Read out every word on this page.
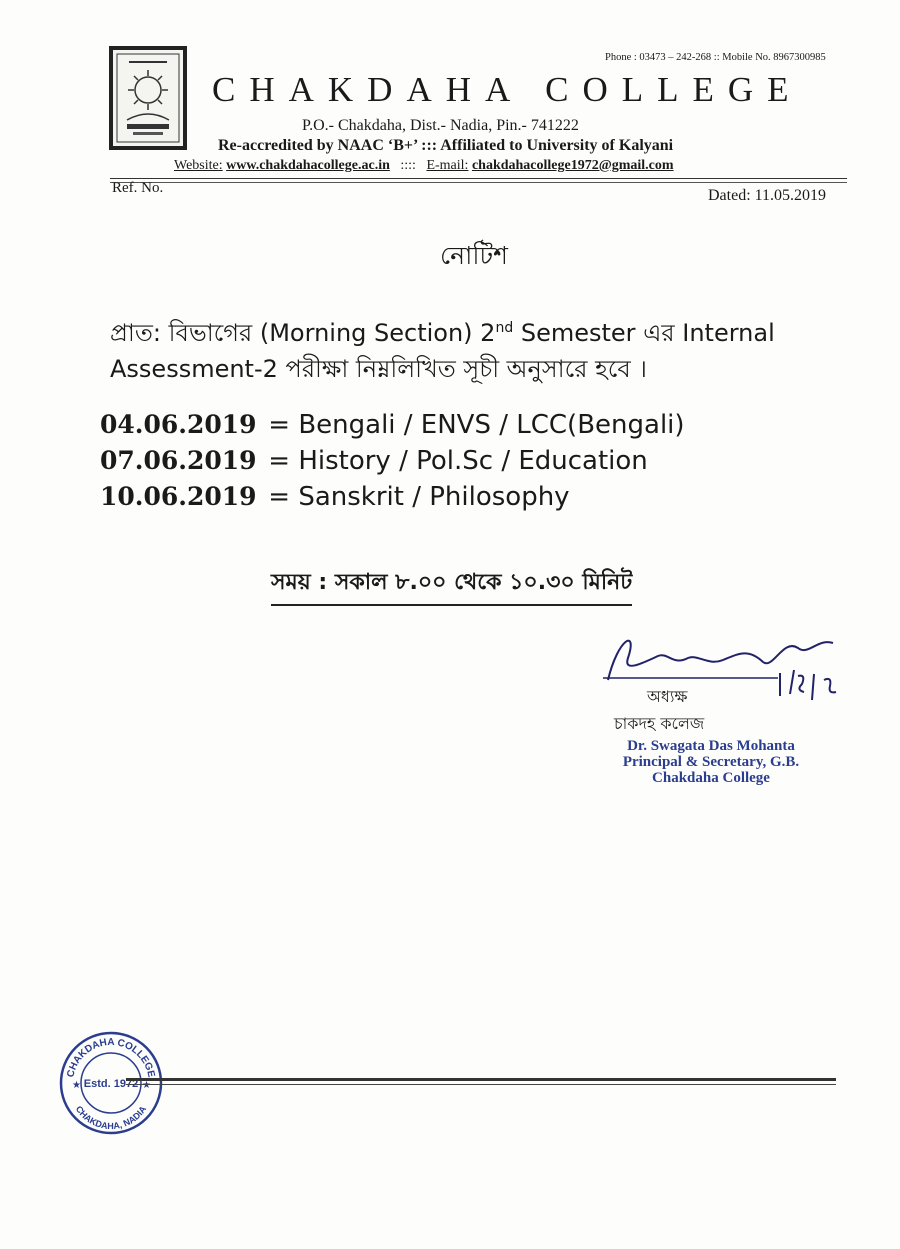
Phone : 03473 – 242-268 :: Mobile No. 8967300985
CHAKDAHA COLLEGE
P.O.- Chakdaha, Dist.- Nadia, Pin.- 741222
Re-accredited by NAAC ‘B+’ ::: Affiliated to University of Kalyani
Website: www.chakdahacollege.ac.in :::: E-mail: chakdahacollege1972@gmail.com
Ref. No.	Dated: 11.05.2019
নোটিশ
প্রাত: বিভাগের (Morning Section) 2nd Semester এর Internal Assessment-2 পরীক্ষা নিম্নলিখিত সূচী অনুসারে হবে ।
04.06.2019 = Bengali / ENVS / LCC(Bengali)
07.06.2019 = History / Pol.Sc / Education
10.06.2019 = Sanskrit / Philosophy
সময় : সকাল ৮.০০ থেকে ১০.৩০ মিনিট
অধ্যক্ষ
চাকদহ কলেজ
Dr. Swagata Das Mohanta
Principal & Secretary, G.B.
Chakdaha College
CHAKDAHA COLLEGE
CHAKDAHA, NADIA
Estd. 1972
★	★
